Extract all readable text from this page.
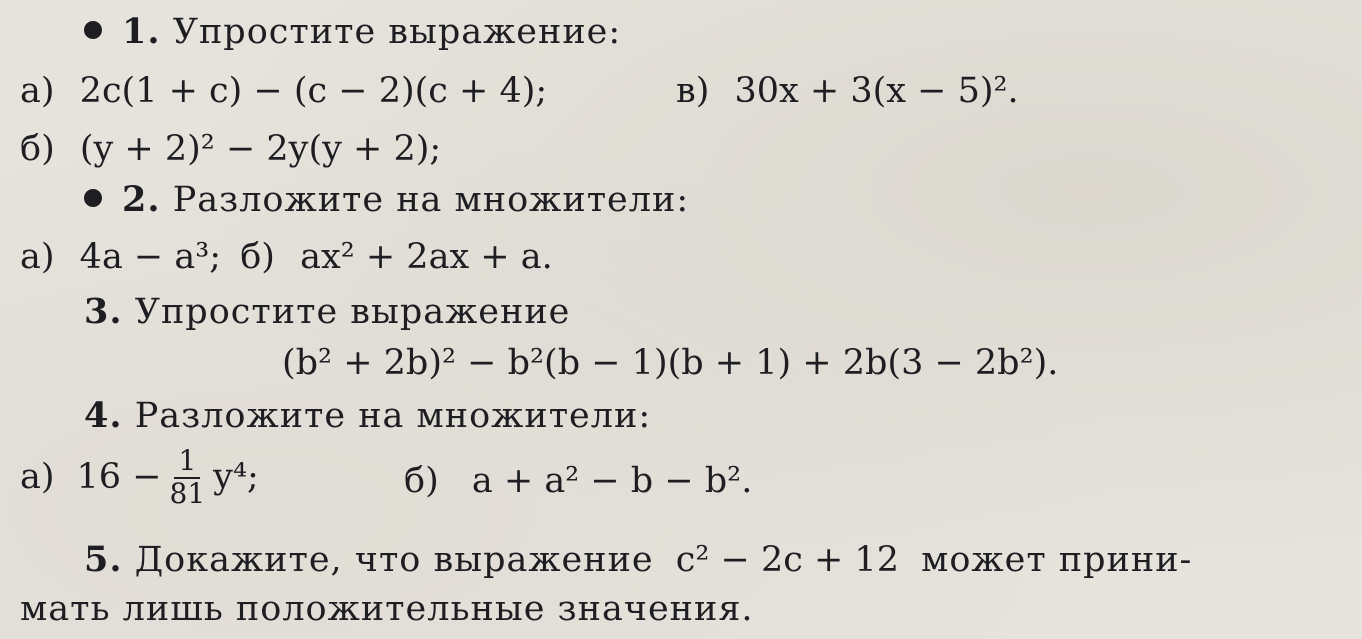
1. Упростите выражение:
а) 2c(1 + c) − (c − 2)(c + 4);	в) 30x + 3(x − 5)².
б) (y + 2)² − 2y(y + 2);
2. Разложите на множители:
а) 4a − a³; б) ax² + 2ax + a.
3. Упростите выражение
(b² + 2b)² − b²(b − 1)(b + 1) + 2b(3 − 2b²).
4. Разложите на множители:
а) $16 - \frac{1}{81} y^4$;	б) a + a² − b − b².
5. Докажите, что выражение c² − 2c + 12 может прини-
мать лишь положительные значения.
